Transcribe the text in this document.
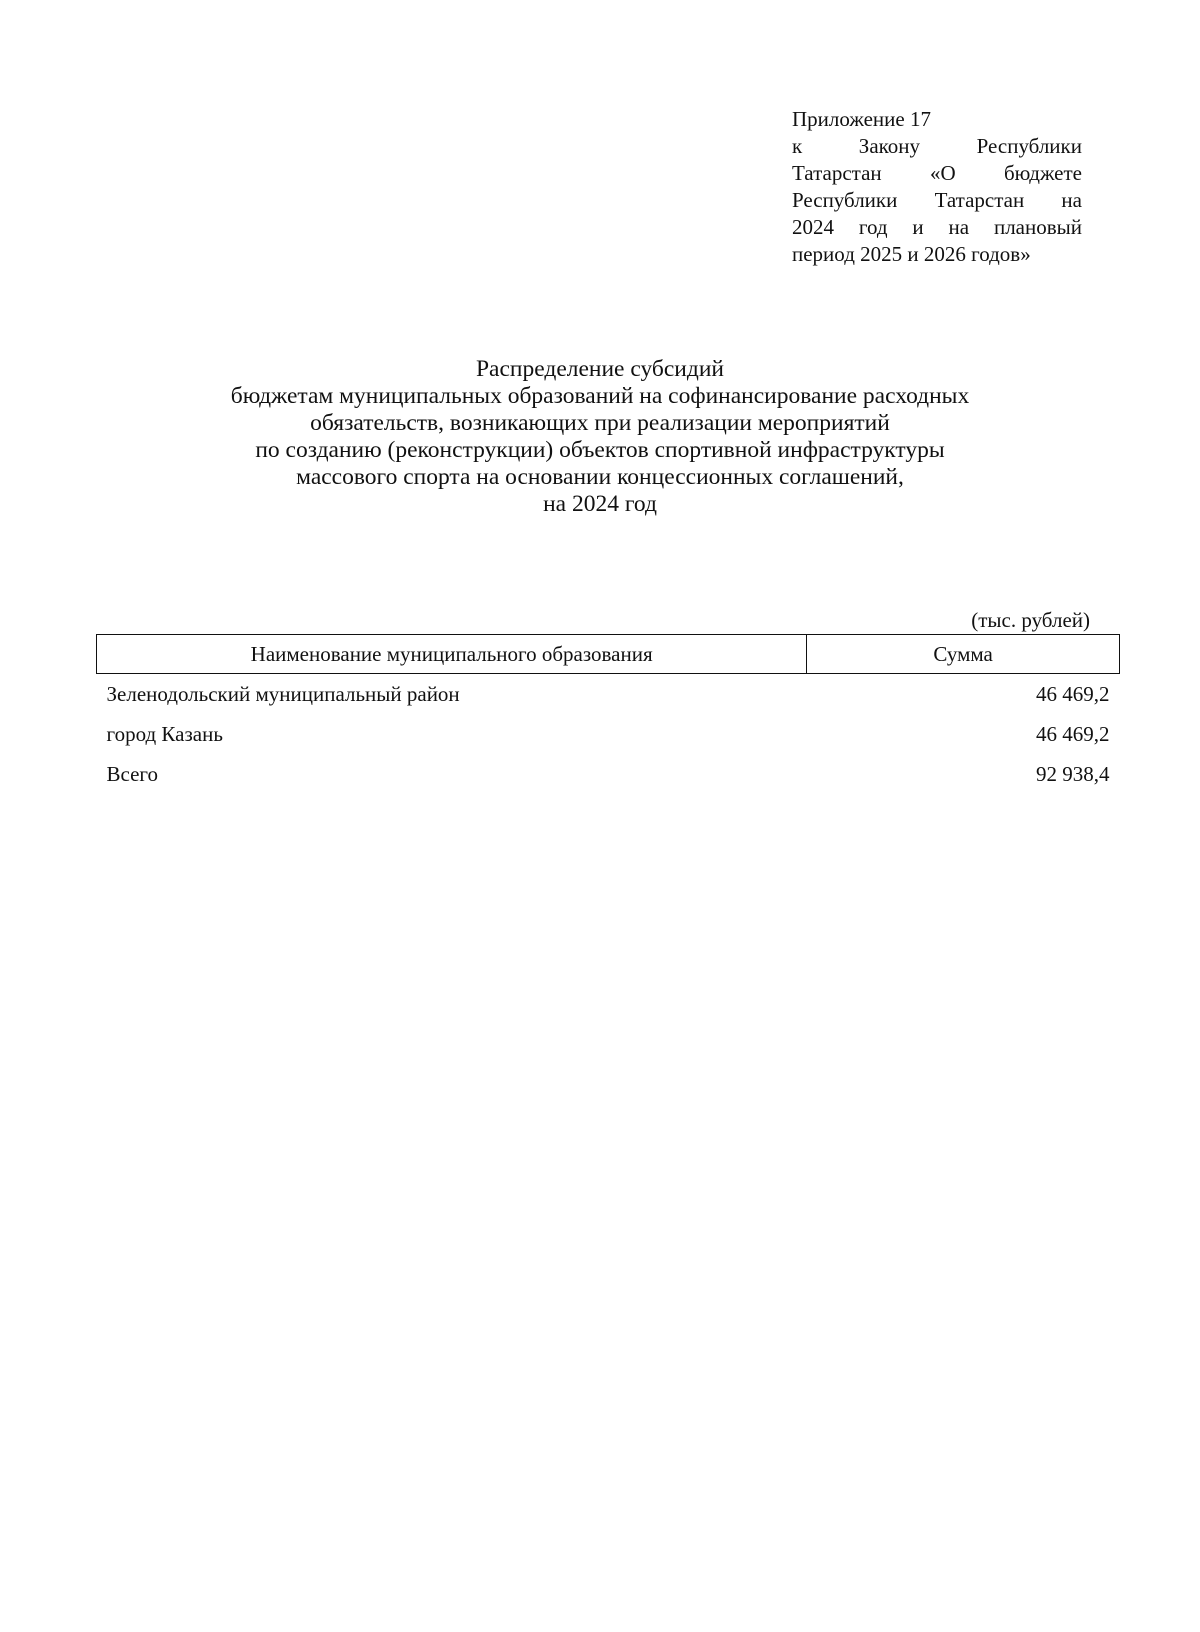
Приложение 17
к Закону Республики
Татарстан «О бюджете
Республики Татарстан на
2024 год и на плановый
период 2025 и 2026 годов»
Распределение субсидий
бюджетам муниципальных образований на софинансирование расходных
обязательств, возникающих при реализации мероприятий
по созданию (реконструкции) объектов спортивной инфраструктуры
массового спорта на основании концессионных соглашений,
на 2024 год
(тыс. рублей)
Наименование муниципального образования	Сумма
Зеленодольский муниципальный район	46 469,2
город Казань	46 469,2
Всего	92 938,4
